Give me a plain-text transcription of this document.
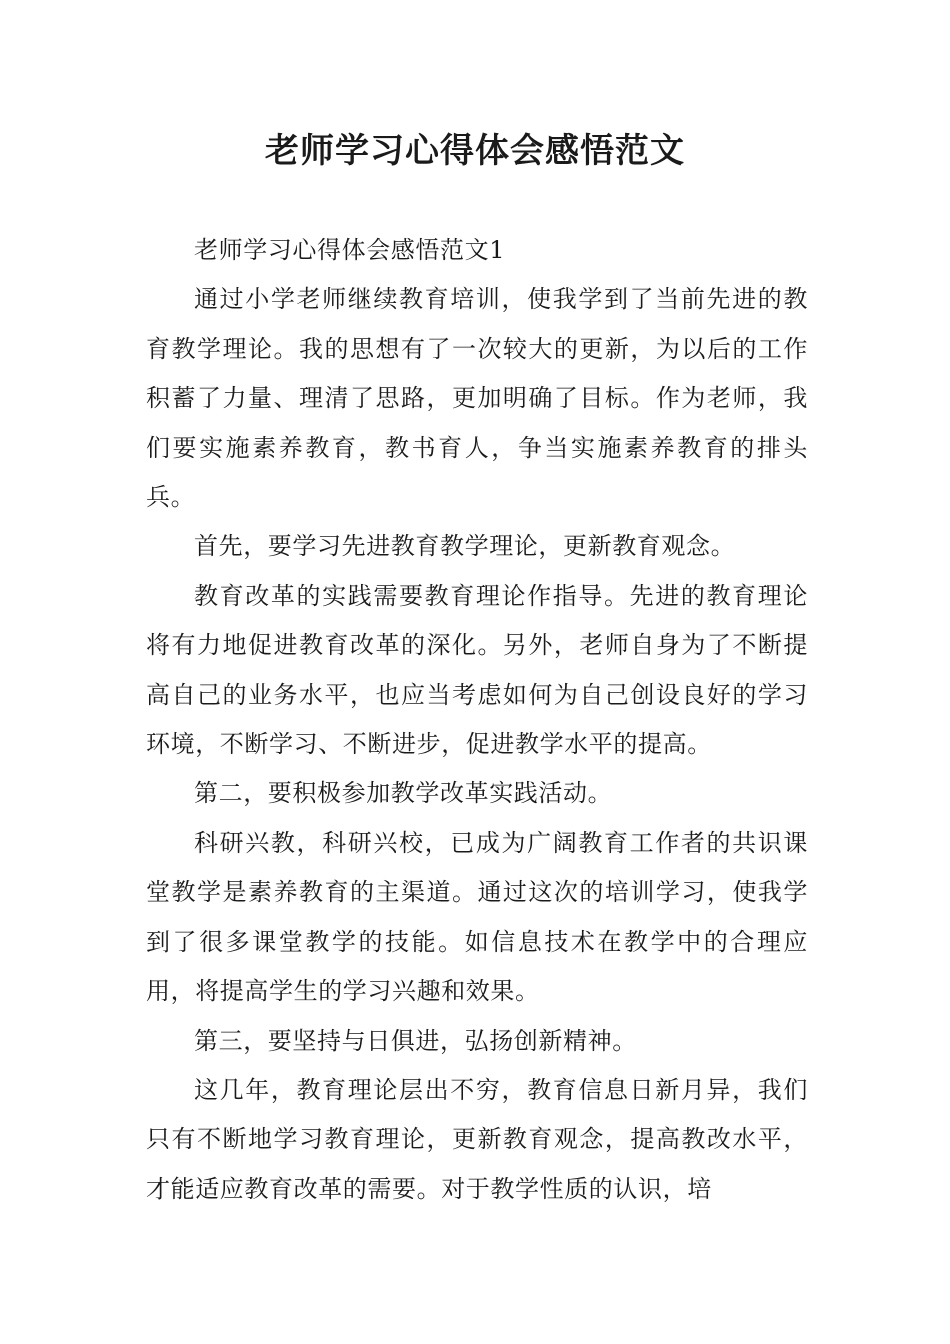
老师学习心得体会感悟范文

老师学习心得体会感悟范文1

通过小学老师继续教育培训，使我学到了当前先进的教育教学理论。我的思想有了一次较大的更新，为以后的工作积蓄了力量、理清了思路，更加明确了目标。作为老师，我们要实施素养教育，教书育人，争当实施素养教育的排头兵。

首先，要学习先进教育教学理论，更新教育观念。

教育改革的实践需要教育理论作指导。先进的教育理论将有力地促进教育改革的深化。另外，老师自身为了不断提高自己的业务水平，也应当考虑如何为自己创设良好的学习环境，不断学习、不断进步，促进教学水平的提高。

第二，要积极参加教学改革实践活动。

科研兴教，科研兴校，已成为广阔教育工作者的共识课堂教学是素养教育的主渠道。通过这次的培训学习，使我学到了很多课堂教学的技能。如信息技术在教学中的合理应用，将提高学生的学习兴趣和效果。

第三，要坚持与日俱进，弘扬创新精神。

这几年，教育理论层出不穷，教育信息日新月异，我们只有不断地学习教育理论，更新教育观念，提高教改水平，才能适应教育改革的需要。对于教学性质的认识，培
